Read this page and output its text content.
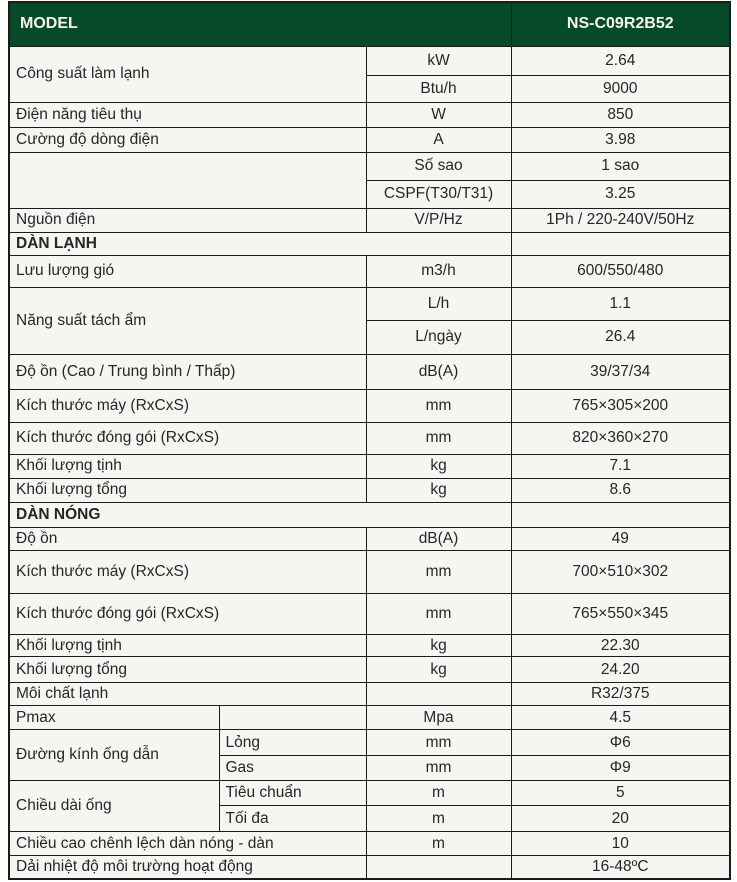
MODEL			NS-C09R2B52
Công suất làm lạnh		kW	2.64
		Btu/h	9000
Điện năng tiêu thụ		W	850
Cường độ dòng điện		A	3.98
		Số sao	1 sao
		CSPF(T30/T31)	3.25
Nguồn điện		V/P/Hz	1Ph / 220-240V/50Hz
DÀN LẠNH			
Lưu lượng gió		m3/h	600/550/480
Năng suất tách ẩm		L/h	1.1
		L/ngày	26.4
Độ ồn (Cao / Trung bình / Thấp)		dB(A)	39/37/34
Kích thước máy (RxCxS)		mm	765×305×200
Kích thước đóng gói (RxCxS)		mm	820×360×270
Khối lượng tịnh		kg	7.1
Khối lượng tổng		kg	8.6
DÀN NÓNG			
Độ ồn		dB(A)	49
Kích thước máy (RxCxS)		mm	700×510×302
Kích thước đóng gói (RxCxS)		mm	765×550×345
Khối lượng tịnh		kg	22.30
Khối lượng tổng		kg	24.20
Môi chất lạnh			R32/375
Pmax		Mpa	4.5
Đường kính ống dẫn	Lỏng	mm	Φ6
	Gas	mm	Φ9
Chiều dài ống	Tiêu chuẩn	m	5
	Tối đa	m	20
Chiều cao chênh lệch dàn nóng - dàn		m	10
Dải nhiệt độ môi trường hoạt động			16-48ºC
